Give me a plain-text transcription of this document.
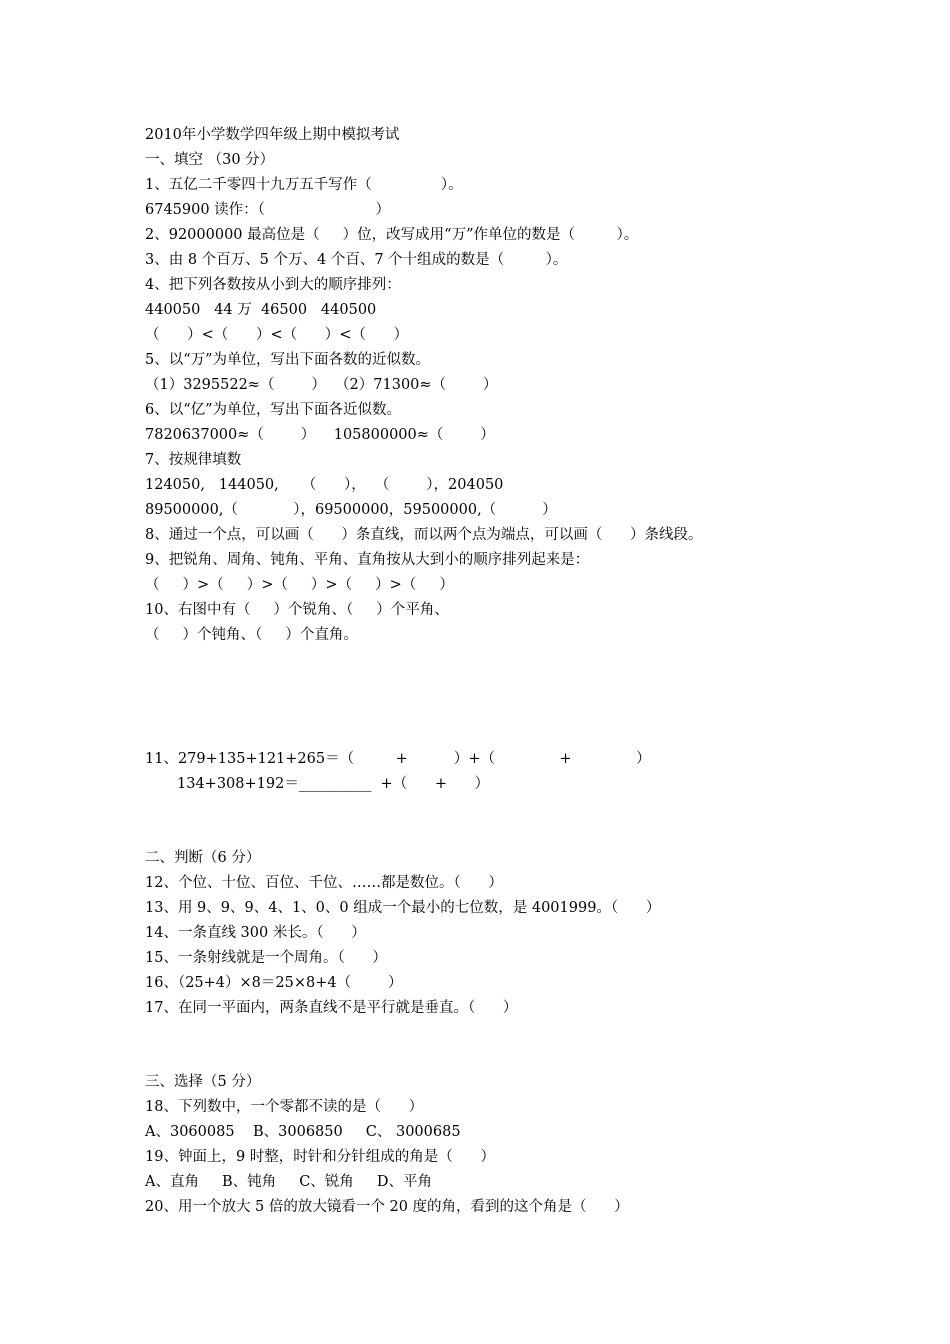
2010年小学数学四年级上期中模拟考试

一、填空 （30 分）

1、五亿二千零四十九万五千写作（               ）。

6745900 读作：（                        ）

2、92000000 最高位是（     ）位，改写成用“万”作单位的数是（         ）。

3、由 8 个百万、5 个万、4 个百、7 个十组成的数是（         ）。

4、把下列各数按从小到大的顺序排列：

440050   44 万  46500   440500

（      ）<（      ）<（      ）<（      ）

5、以“万”为单位，写出下面各数的近似数。

（1）3295522≈（        ）  （2）71300≈（        ）

6、以“亿”为单位，写出下面各近似数。

7820637000≈（        ）    105800000≈（        ）

7、按规律填数

124050,   144050,     （      ），  （        ），204050

89500000,（            ），69500000，59500000,（          ）

8、通过一个点，可以画（      ）条直线，而以两个点为端点，可以画（      ）条线段。

9、把锐角、周角、钝角、平角、直角按从大到小的顺序排列起来是：

（     ）>（     ）>（     ）>（     ）>（     ）

10、右图中有（     ）个锐角、（     ）个平角、

（     ）个钝角、（     ）个直角。

11、279+135+121+265＝（         +          ）+（              +              ）

134+308+192＝__________  +（      +      ）

二、判断（6 分）

12、个位、十位、百位、千位、……都是数位。（      ）

13、用 9、9、9、4、1、0、0 组成一个最小的七位数，是 4001999。（      ）

14、一条直线 300 米长。（      ）

15、一条射线就是一个周角。（      ）

16、（25+4）×8＝25×8+4（        ）

17、在同一平面内，两条直线不是平行就是垂直。（      ）

三、选择（5 分）

18、下列数中，一个零都不读的是（      ）

A、3060085    B、3006850     C、 3000685

19、钟面上，9 时整，时针和分针组成的角是（      ）

A、直角     B、钝角     C、锐角     D、平角

20、用一个放大 5 倍的放大镜看一个 20 度的角，看到的这个角是（      ）
